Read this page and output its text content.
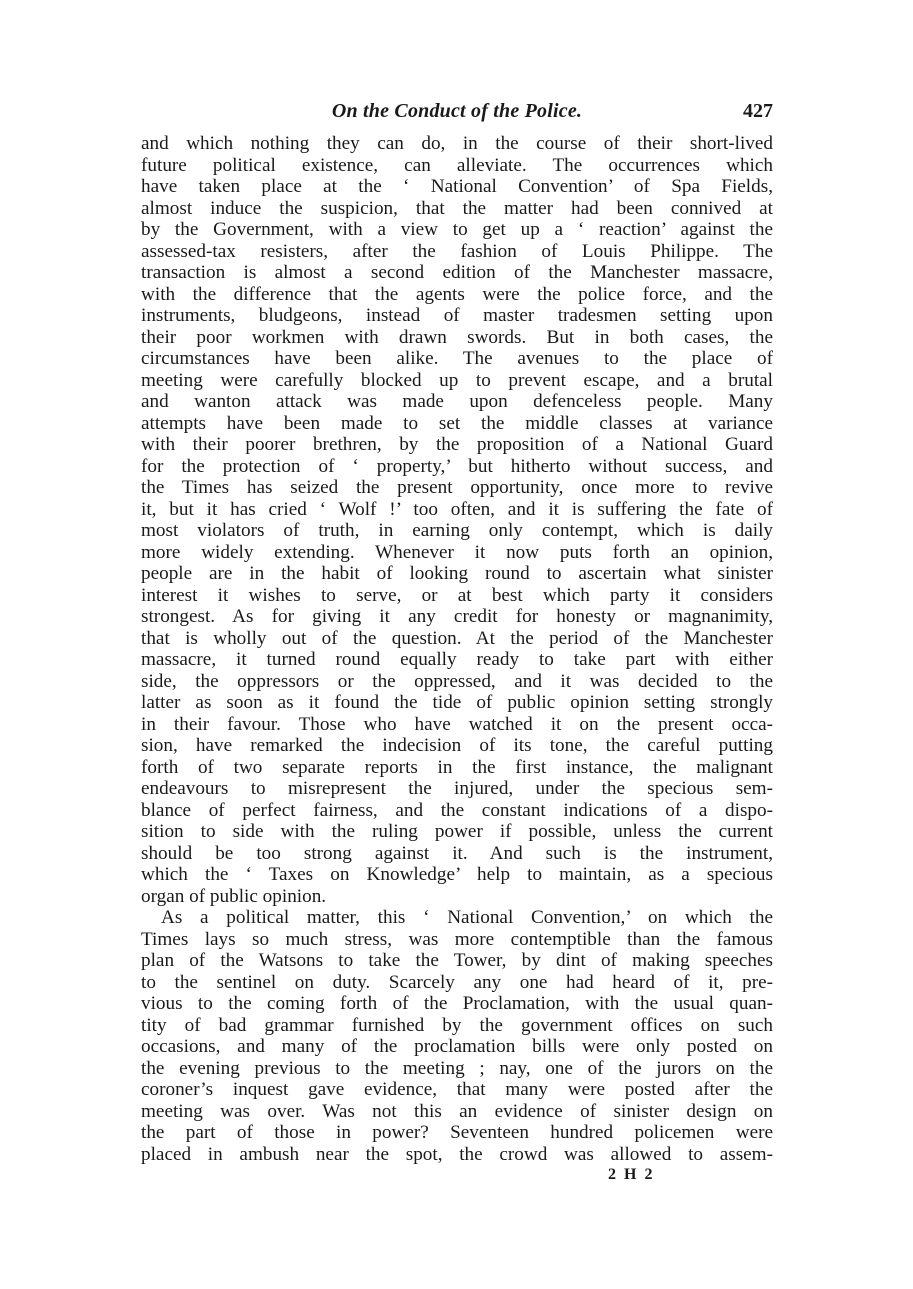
On the Conduct of the Police.	427
and which nothing they can do, in the course of their short-lived
future political existence, can alleviate. The occurrences which
have taken place at the ‘ National Convention’ of Spa Fields,
almost induce the suspicion, that the matter had been connived at
by the Government, with a view to get up a ‘ reaction’ against the
assessed-tax resisters, after the fashion of Louis Philippe. The
transaction is almost a second edition of the Manchester massacre,
with the difference that the agents were the police force, and the
instruments, bludgeons, instead of master tradesmen setting upon
their poor workmen with drawn swords. But in both cases, the
circumstances have been alike. The avenues to the place of
meeting were carefully blocked up to prevent escape, and a brutal
and wanton attack was made upon defenceless people. Many
attempts have been made to set the middle classes at variance
with their poorer brethren, by the proposition of a National Guard
for the protection of ‘ property,’ but hitherto without success, and
the Times has seized the present opportunity, once more to revive
it, but it has cried ‘ Wolf !’ too often, and it is suffering the fate of
most violators of truth, in earning only contempt, which is daily
more widely extending. Whenever it now puts forth an opinion,
people are in the habit of looking round to ascertain what sinister
interest it wishes to serve, or at best which party it considers
strongest. As for giving it any credit for honesty or magnanimity,
that is wholly out of the question. At the period of the Manchester
massacre, it turned round equally ready to take part with either
side, the oppressors or the oppressed, and it was decided to the
latter as soon as it found the tide of public opinion setting strongly
in their favour. Those who have watched it on the present occa-
sion, have remarked the indecision of its tone, the careful putting
forth of two separate reports in the first instance, the malignant
endeavours to misrepresent the injured, under the specious sem-
blance of perfect fairness, and the constant indications of a dispo-
sition to side with the ruling power if possible, unless the current
should be too strong against it. And such is the instrument,
which the ‘ Taxes on Knowledge’ help to maintain, as a specious
organ of public opinion.
As a political matter, this ‘ National Convention,’ on which the
Times lays so much stress, was more contemptible than the famous
plan of the Watsons to take the Tower, by dint of making speeches
to the sentinel on duty. Scarcely any one had heard of it, pre-
vious to the coming forth of the Proclamation, with the usual quan-
tity of bad grammar furnished by the government offices on such
occasions, and many of the proclamation bills were only posted on
the evening previous to the meeting ; nay, one of the jurors on the
coroner’s inquest gave evidence, that many were posted after the
meeting was over. Was not this an evidence of sinister design on
the part of those in power? Seventeen hundred policemen were
placed in ambush near the spot, the crowd was allowed to assem-
2 H 2
